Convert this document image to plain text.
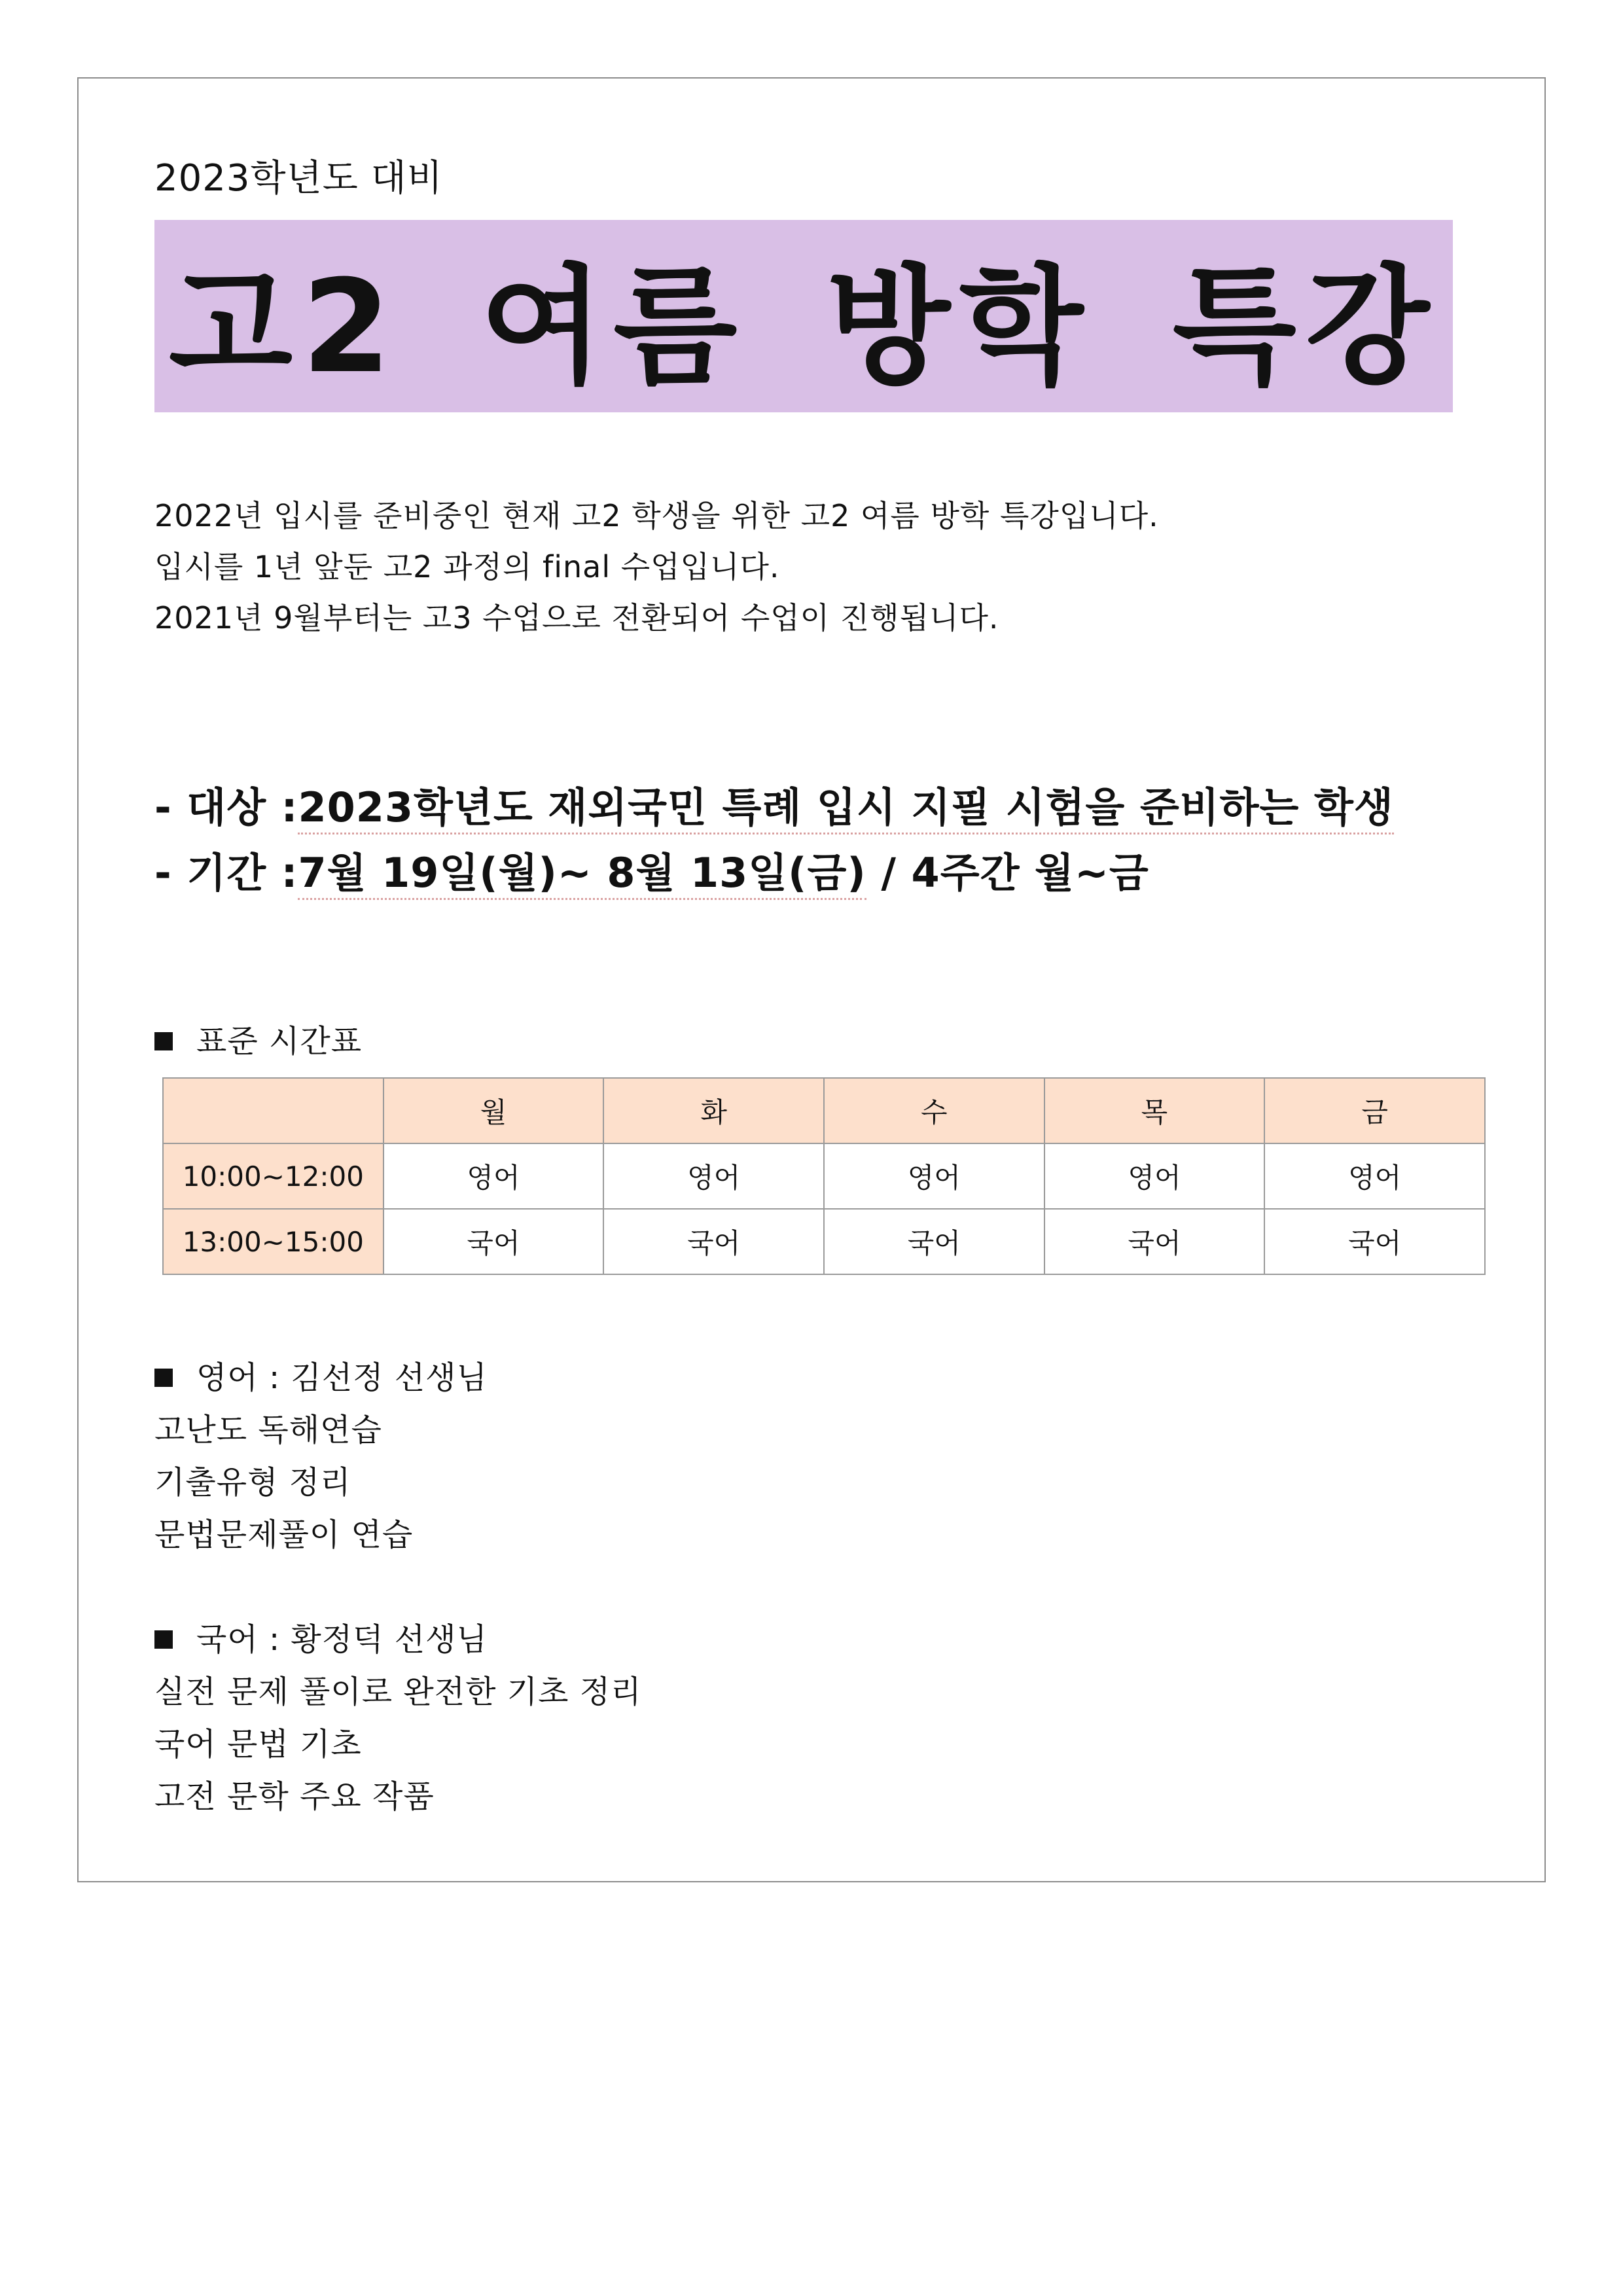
2023학년도 대비
고2 여름 방학 특강
2022년 입시를 준비중인 현재 고2 학생을 위한 고2 여름 방학 특강입니다.
입시를 1년 앞둔 고2 과정의 final 수업입니다.
2021년 9월부터는 고3 수업으로 전환되어 수업이 진행됩니다.
- 대상 :2023학년도 재외국민 특례 입시 지필 시험을 준비하는 학생
- 기간 :7월 19일(월)~ 8월 13일(금) / 4주간 월~금
표준 시간표
	월	화	수	목	금
10:00~12:00	영어	영어	영어	영어	영어
13:00~15:00	국어	국어	국어	국어	국어
영어 : 김선정 선생님
고난도 독해연습
기출유형 정리
문법문제풀이 연습
국어 : 황정덕 선생님
실전 문제 풀이로 완전한 기초 정리
국어 문법 기초
고전 문학 주요 작품
